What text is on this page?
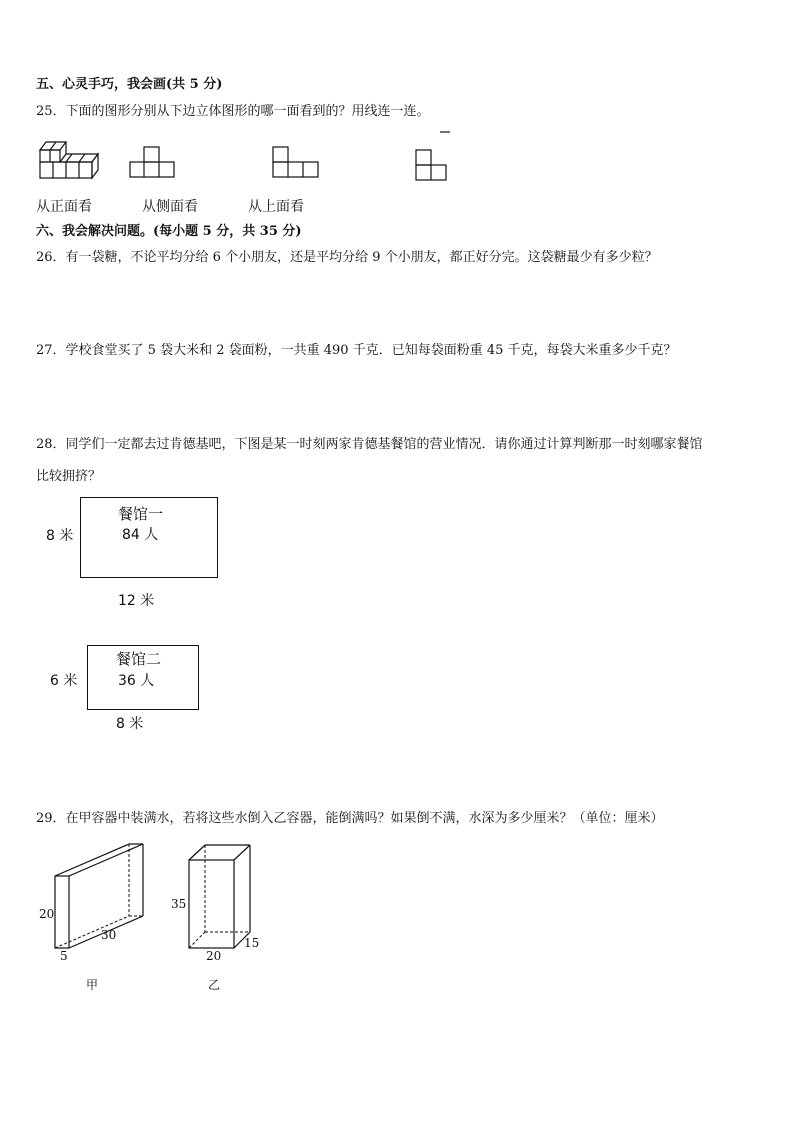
五、心灵手巧，我会画(共 5 分)
25．下面的图形分别从下边立体图形的哪一面看到的？用线连一连。
从正面看	从侧面看	从上面看
六、我会解决问题。(每小题 5 分，共 35 分)
26．有一袋糖，不论平均分给 6 个小朋友，还是平均分给 9 个小朋友，都正好分完。这袋糖最少有多少粒？
27．学校食堂买了 5 袋大米和 2 袋面粉，一共重 490 千克．已知每袋面粉重 45 千克，每袋大米重多少千克？
28．同学们一定都去过肯德基吧，下图是某一时刻两家肯德基餐馆的营业情况．请你通过计算判断那一时刻哪家餐馆
比较拥挤？
餐馆一
84 人
8 米
12 米
餐馆二
36 人
6 米
8 米
29．在甲容器中装满水，若将这些水倒入乙容器，能倒满吗？如果倒不满，水深为多少厘米？（单位：厘米）
20
30
5
甲
35
20
15
乙
